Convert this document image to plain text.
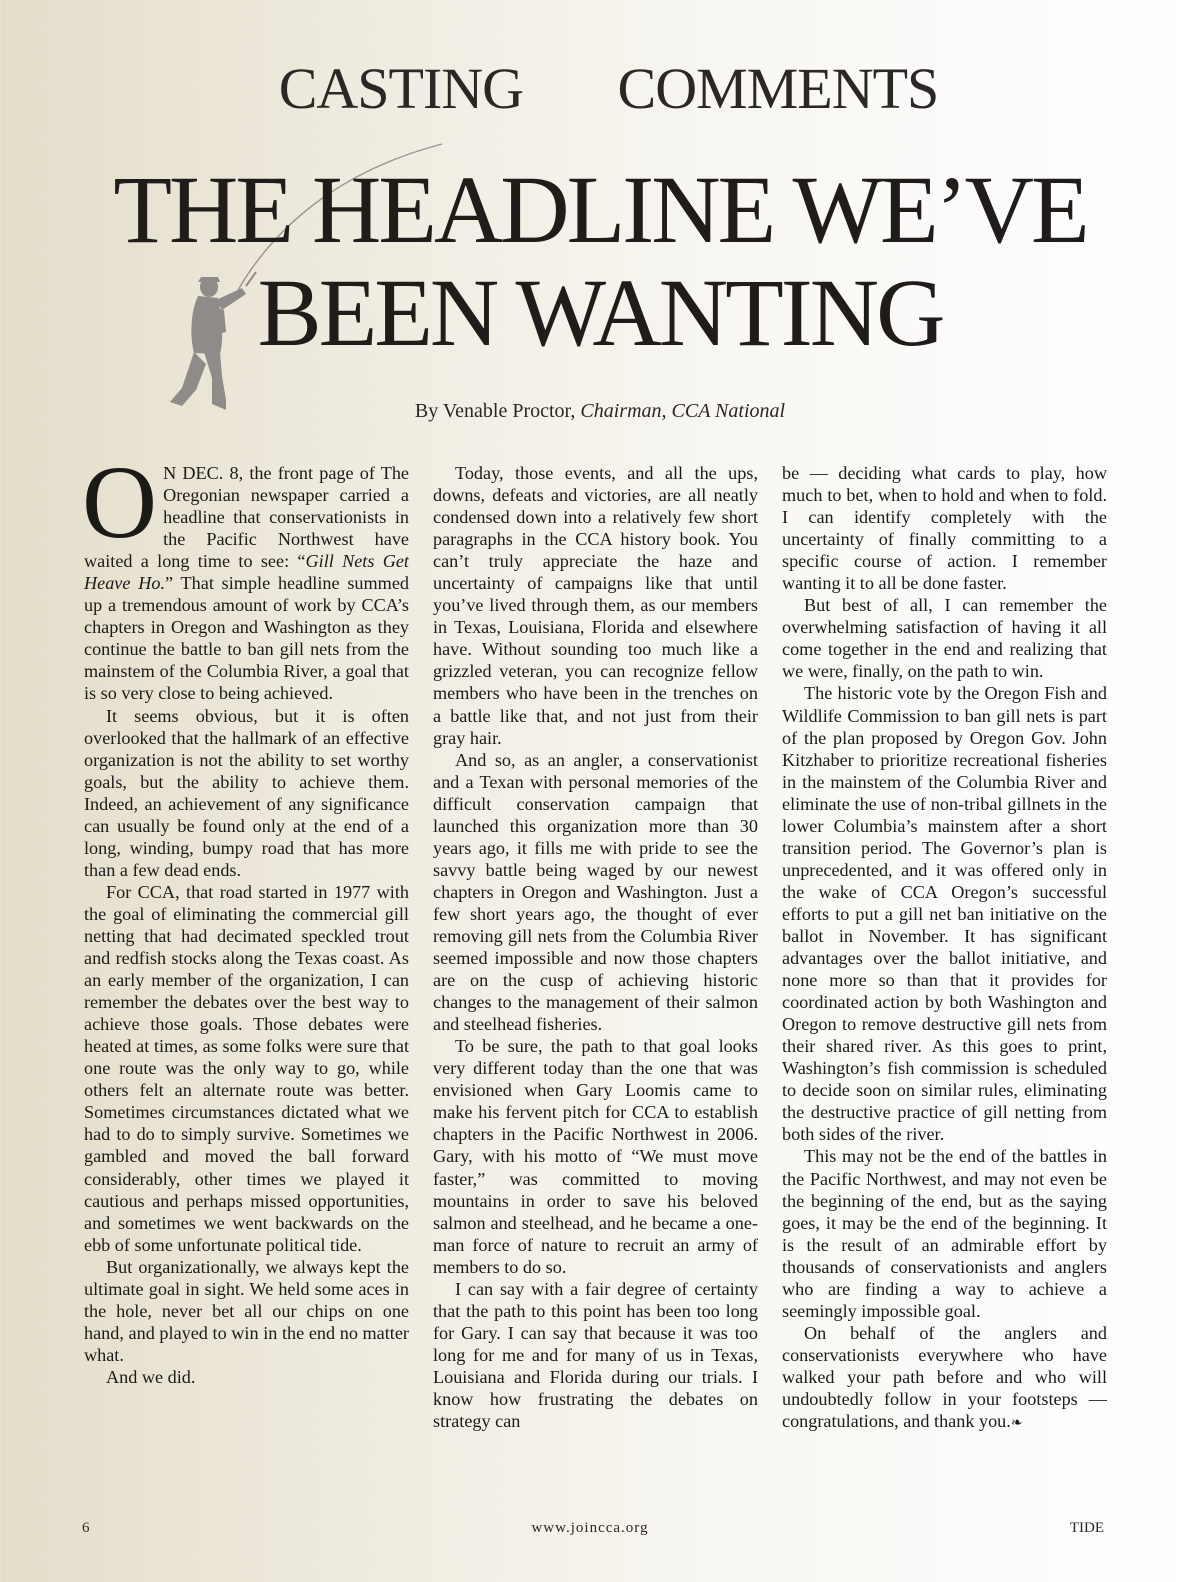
CASTING   COMMENTS
THE HEADLINE WE’VE
BEEN WANTING
By Venable Proctor, Chairman, CCA National

O N DEC. 8, the front page of The Oregonian newspaper carried a headline that conservationists in the Pacific Northwest have waited a long time to see: “Gill Nets Get Heave Ho.” That simple headline summed up a tremendous amount of work by CCA’s chapters in Oregon and Washington as they continue the battle to ban gill nets from the mainstem of the Columbia River, a goal that is so very close to being achieved.

It seems obvious, but it is often overlooked that the hallmark of an effective organization is not the ability to set worthy goals, but the ability to achieve them. Indeed, an achievement of any significance can usually be found only at the end of a long, winding, bumpy road that has more than a few dead ends.

For CCA, that road started in 1977 with the goal of eliminating the commercial gill netting that had decimated speckled trout and redfish stocks along the Texas coast. As an early member of the organization, I can remember the debates over the best way to achieve those goals. Those debates were heated at times, as some folks were sure that one route was the only way to go, while others felt an alternate route was better. Sometimes circumstances dictated what we had to do to simply survive. Sometimes we gambled and moved the ball forward considerably, other times we played it cautious and perhaps missed opportunities, and sometimes we went backwards on the ebb of some unfortunate political tide.

But organizationally, we always kept the ultimate goal in sight. We held some aces in the hole, never bet all our chips on one hand, and played to win in the end no matter what.

And we did.

Today, those events, and all the ups, downs, defeats and victories, are all neatly condensed down into a relatively few short paragraphs in the CCA history book. You can’t truly appreciate the haze and uncertainty of campaigns like that until you’ve lived through them, as our members in Texas, Louisiana, Florida and elsewhere have. Without sounding too much like a grizzled veteran, you can recognize fellow members who have been in the trenches on a battle like that, and not just from their gray hair.

And so, as an angler, a conservationist and a Texan with personal memories of the difficult conservation campaign that launched this organization more than 30 years ago, it fills me with pride to see the savvy battle being waged by our newest chapters in Oregon and Washington. Just a few short years ago, the thought of ever removing gill nets from the Columbia River seemed impossible and now those chapters are on the cusp of achieving historic changes to the management of their salmon and steelhead fisheries.

To be sure, the path to that goal looks very different today than the one that was envisioned when Gary Loomis came to make his fervent pitch for CCA to establish chapters in the Pacific Northwest in 2006. Gary, with his motto of “We must move faster,” was committed to moving mountains in order to save his beloved salmon and steelhead, and he became a one-man force of nature to recruit an army of members to do so.

I can say with a fair degree of certainty that the path to this point has been too long for Gary. I can say that because it was too long for me and for many of us in Texas, Louisiana and Florida during our trials. I know how frustrating the debates on strategy can

be — deciding what cards to play, how much to bet, when to hold and when to fold. I can identify completely with the uncertainty of finally committing to a specific course of action. I remember wanting it to all be done faster.

But best of all, I can remember the overwhelming satisfaction of having it all come together in the end and realizing that we were, finally, on the path to win.

The historic vote by the Oregon Fish and Wildlife Commission to ban gill nets is part of the plan proposed by Oregon Gov. John Kitzhaber to prioritize recreational fisheries in the mainstem of the Columbia River and eliminate the use of non-tribal gillnets in the lower Columbia’s mainstem after a short transition period. The Governor’s plan is unprecedented, and it was offered only in the wake of CCA Oregon’s successful efforts to put a gill net ban initiative on the ballot in November. It has significant advantages over the ballot initiative, and none more so than that it provides for coordinated action by both Washington and Oregon to remove destructive gill nets from their shared river. As this goes to print, Washington’s fish commission is scheduled to decide soon on similar rules, eliminating the destructive practice of gill netting from both sides of the river.

This may not be the end of the battles in the Pacific Northwest, and may not even be the beginning of the end, but as the saying goes, it may be the end of the beginning. It is the result of an admirable effort by thousands of conservationists and anglers who are finding a way to achieve a seemingly impossible goal.

On behalf of the anglers and conservationists everywhere who have walked your path before and who will undoubtedly follow in your footsteps — congratulations, and thank you.❧

6	www.joincca.org	TIDE
